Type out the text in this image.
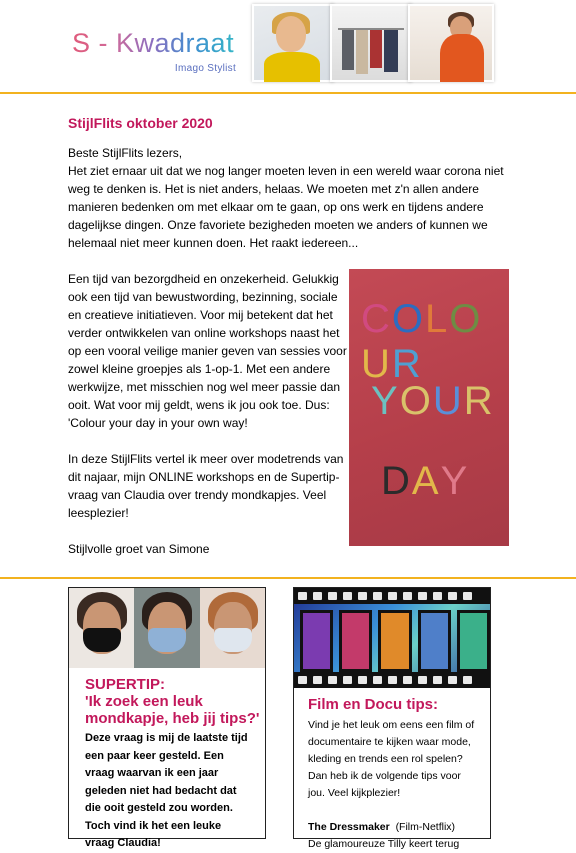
S - Kwadraat
Imago Stylist
StijlFlits oktober 2020

Beste StijlFlits lezers,

Het ziet ernaar uit dat we nog langer moeten leven in een wereld waar corona niet weg te denken is. Het is niet anders, helaas. We moeten met z'n allen andere manieren bedenken om met elkaar om te gaan, op ons werk en tijdens andere dagelijkse dingen. Onze favoriete bezigheden moeten we anders of kunnen we helemaal niet meer kunnen doen. Het raakt iedereen...

COLOUR
YOUR
DAY

Een tijd van bezorgdheid en onzekerheid. Gelukkig ook een tijd van bewustwording, bezinning, sociale en creatieve initiatieven. Voor mij betekent dat het verder ontwikkelen van online workshops naast het op een vooral veilige manier geven van sessies voor zowel kleine groepjes als 1-op-1. Met een andere werkwijze, met misschien nog wel meer passie dan ooit. Wat voor mij geldt, wens ik jou ook toe. Dus: 'Colour your day in your own way!

In deze StijlFlits vertel ik meer over modetrends van dit najaar, mijn ONLINE workshops en de Supertip-vraag van Claudia over trendy mondkapjes. Veel leesplezier!

Stijlvolle groet van Simone

SUPERTIP:
'Ik zoek een leuk mondkapje, heb jij tips?'
Deze vraag is mij de laatste tijd een paar keer gesteld. Een vraag waarvan ik een jaar geleden niet had bedacht dat die ooit gesteld zou worden. Toch vind ik het een leuke vraag Claudia!
Film en Docu tips:
Vind je het leuk om eens een film of documentaire te kijken waar mode, kleding en trends een rol spelen? Dan heb ik de volgende tips voor jou. Veel kijkplezier!
The Dressmaker (Film-Netflix)
De glamoureuze Tilly keert terug
